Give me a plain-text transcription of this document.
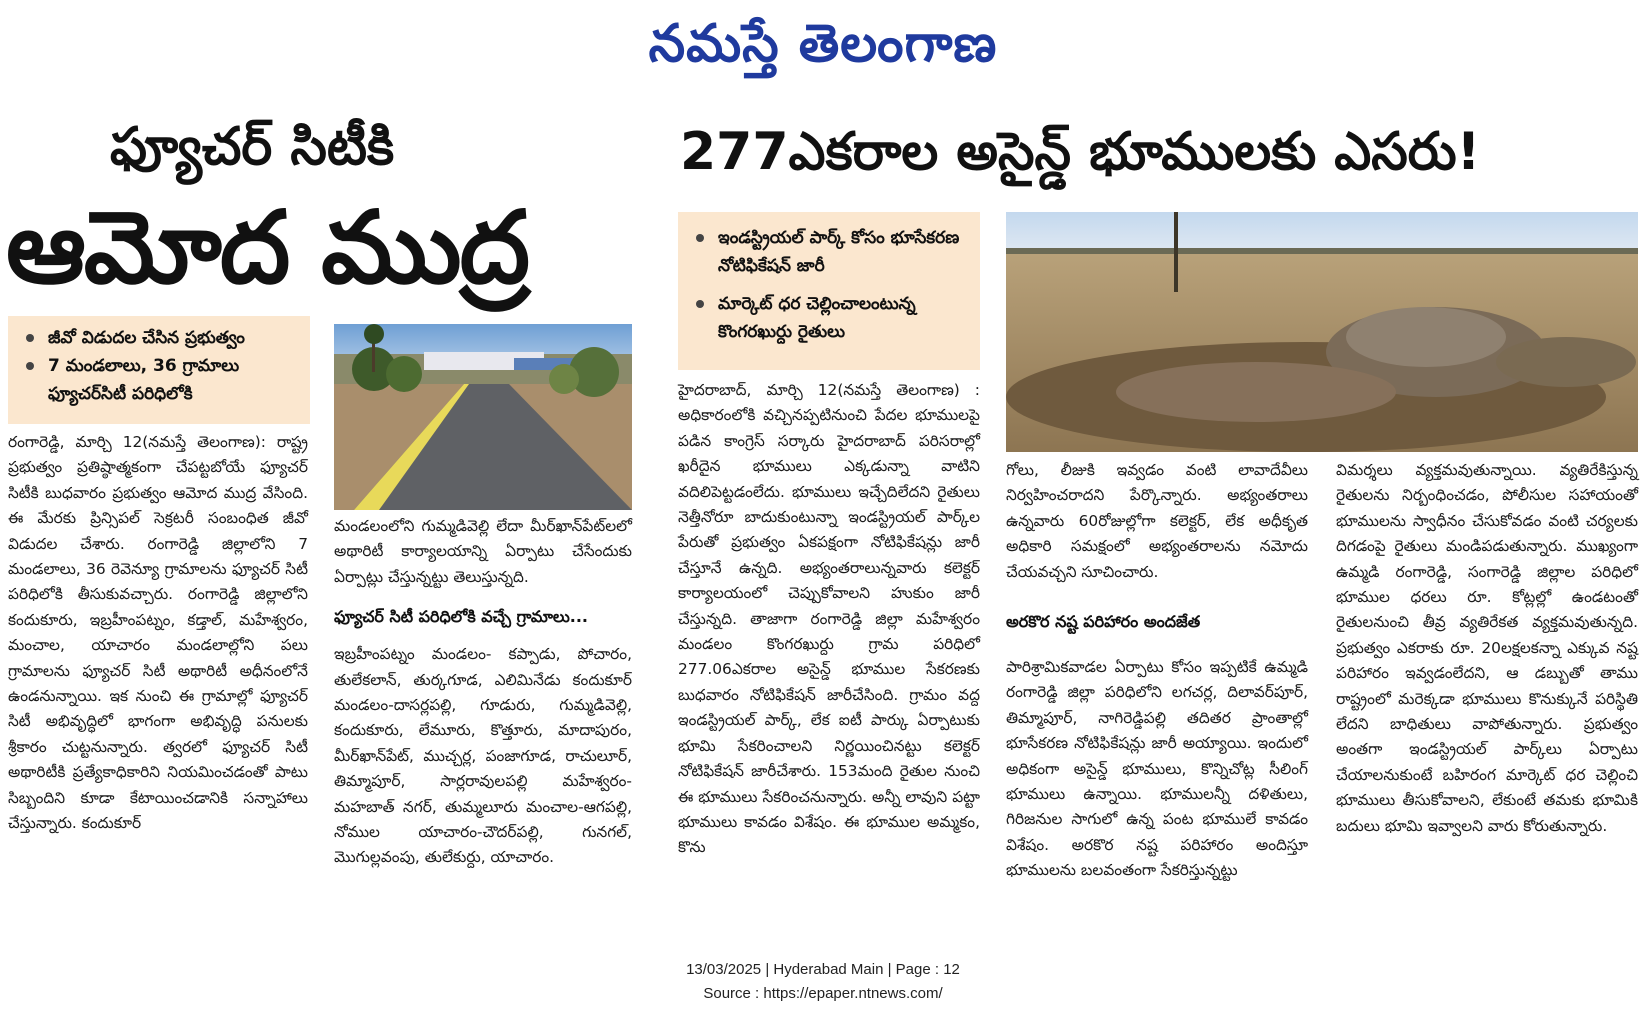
నమస్తే తెలంగాణ
ఫ్యూచర్ సిటీకి
ఆమోద ముద్ర
277ఎకరాల అసైన్డ్ భూములకు ఎసరు!
జీవో విడుదల చేసిన ప్రభుత్వం
7 మండలాలు, 36 గ్రామాలు ఫ్యూచర్‌సిటీ పరిధిలోకి

రంగారెడ్డి, మార్చి 12(నమస్తే తెలంగాణ): రాష్ట్ర ప్రభుత్వం ప్రతిష్ఠాత్మకంగా చేపట్టబోయే ఫ్యూచర్ సిటీకి బుధవారం ప్రభుత్వం ఆమోద ముద్ర వేసింది. ఈ మేరకు ప్రిన్సిపల్ సెక్రటరీ సంబంధిత జీవో విడుదల చేశారు. రంగారెడ్డి జిల్లాలోని 7 మండలాలు, 36 రెవెన్యూ గ్రామాలను ఫ్యూచర్ సిటీ పరిధిలోకి తీసుకువచ్చారు. రంగారెడ్డి జిల్లాలోని కందుకూరు, ఇబ్రహీంపట్నం, కడ్తాల్, మహేశ్వరం, మంచాల, యాచారం మండలాల్లోని పలు గ్రామాలను ఫ్యూచర్ సిటీ అథారిటీ అధీనంలోనే ఉండనున్నాయి. ఇక నుంచి ఈ గ్రామాల్లో ఫ్యూచర్ సిటీ అభివృద్ధిలో భాగంగా అభివృద్ధి పనులకు శ్రీకారం చుట్టనున్నారు. త్వరలో ఫ్యూచర్ సిటీ అథారిటీకి ప్రత్యేకాధికారిని నియమించడంతో పాటు సిబ్బందిని కూడా కేటాయించడానికి సన్నాహాలు చేస్తున్నారు. కందుకూర్

మండలంలోని గుమ్మడివెల్లి లేదా మీర్‌ఖాన్‌పేట్‌లలో అథారిటీ కార్యాలయాన్ని ఏర్పాటు చేసేందుకు ఏర్పాట్లు చేస్తున్నట్టు తెలుస్తున్నది.

ఫ్యూచర్ సిటీ పరిధిలోకి వచ్చే గ్రామాలు...

ఇబ్రహీంపట్నం మండలం- కప్పాడు, పోచారం, తులేకలాన్, తుర్కగూడ, ఎలిమినేడు కందుకూర్ మండలం-దాసర్లపల్లి, గూడురు, గుమ్మడివెల్లి, కందుకూరు, లేమూరు, కొత్తూరు, మాదాపురం, మీర్‌ఖాన్‌పేట్, ముచ్చర్ల, పంజాగూడ, రాచులూర్, తిమ్మాపూర్, సార్లరావులపల్లి మహేశ్వరం- మహబాత్ నగర్, తుమ్మలూరు మంచాల-ఆగపల్లి, నోముల యాచారం-చౌదర్‌పల్లి, గునగల్, మొగుల్లవంపు, తులేకుర్దు, యాచారం.

ఇండస్ట్రియల్ పార్క్ కోసం భూసేకరణ నోటిఫికేషన్ జారీ
మార్కెట్ ధర చెల్లించాలంటున్న కొంగరఖుర్దు రైతులు

హైదరాబాద్, మార్చి 12(నమస్తే తెలంగాణ) : అధికారంలోకి వచ్చినప్పటినుంచి పేదల భూములపై పడిన కాంగ్రెస్ సర్కారు హైదరాబాద్ పరిసరాల్లో ఖరీదైన భూములు ఎక్కడున్నా వాటిని వదిలిపెట్టడంలేదు. భూములు ఇచ్చేదిలేదని రైతులు నెత్తీనోరూ బాదుకుంటున్నా ఇండస్ట్రియల్ పార్క్‌ల పేరుతో ప్రభుత్వం ఏకపక్షంగా నోటిఫికేషన్లు జారీ చేస్తూనే ఉన్నది. అభ్యంతరాలున్నవారు కలెక్టర్ కార్యాలయంలో చెప్పుకోవాలని హుకుం జారీ చేస్తున్నది. తాజాగా రంగారెడ్డి జిల్లా మహేశ్వరం మండలం కొంగరఖుర్దు గ్రామ పరిధిలో 277.06ఎకరాల అసైన్డ్ భూముల సేకరణకు బుధవారం నోటిఫికేషన్ జారీచేసింది. గ్రామం వద్ద ఇండస్ట్రియల్ పార్క్, లేక ఐటీ పార్కు ఏర్పాటుకు భూమి సేకరించాలని నిర్ణయించినట్టు కలెక్టర్ నోటిఫికేషన్ జారీచేశారు. 153మంది రైతుల నుంచి ఈ భూములు సేకరించనున్నారు. అన్నీ లావుని పట్టా భూములు కావడం విశేషం. ఈ భూముల అమ్మకం, కొను

గోలు, లీజుకి ఇవ్వడం వంటి లావాదేవీలు నిర్వహించరాదని పేర్కొన్నారు. అభ్యంతరాలు ఉన్నవారు 60రోజుల్లోగా కలెక్టర్, లేక అధీకృత అధికారి సమక్షంలో అభ్యంతరాలను నమోదు చేయవచ్చని సూచించారు.

అరకొర నష్ట పరిహారం అందజేత

పారిశ్రామికవాడల ఏర్పాటు కోసం ఇప్పటికే ఉమ్మడి రంగారెడ్డి జిల్లా పరిధిలోని లగచర్ల, దిలావర్‌పూర్, తిమ్మాపూర్, నాగిరెడ్డిపల్లి తదితర ప్రాంతాల్లో భూసేకరణ నోటిఫికేషన్లు జారీ అయ్యాయి. ఇందులో అధికంగా అసైన్డ్ భూములు, కొన్నిచోట్ల సీలింగ్ భూములు ఉన్నాయి. భూములన్నీ దళితులు, గిరిజనుల సాగులో ఉన్న పంట భూములే కావడం విశేషం. అరకొర నష్ట పరిహారం అందిస్తూ భూములను బలవంతంగా సేకరిస్తున్నట్టు

విమర్శలు వ్యక్తమవుతున్నాయి. వ్యతిరేకిస్తున్న రైతులను నిర్బంధించడం, పోలీసుల సహాయంతో భూములను స్వాధీనం చేసుకోవడం వంటి చర్యలకు దిగడంపై రైతులు మండిపడుతున్నారు. ముఖ్యంగా ఉమ్మడి రంగారెడ్డి, సంగారెడ్డి జిల్లాల పరిధిలో భూముల ధరలు రూ. కోట్లల్లో ఉండటంతో రైతులనుంచి తీవ్ర వ్యతిరేకత వ్యక్తమవుతున్నది. ప్రభుత్వం ఎకరాకు రూ. 20లక్షలకన్నా ఎక్కువ నష్ట పరిహారం ఇవ్వడంలేదని, ఆ డబ్బుతో తాము రాష్ట్రంలో మరెక్కడా భూములు కొనుక్కునే పరిస్థితి లేదని బాధితులు వాపోతున్నారు. ప్రభుత్వం అంతగా ఇండస్ట్రియల్ పార్క్‌లు ఏర్పాటు చేయాలనుకుంటే బహిరంగ మార్కెట్ ధర చెల్లించి భూములు తీసుకోవాలని, లేకుంటే తమకు భూమికి బదులు భూమి ఇవ్వాలని వారు కోరుతున్నారు.

13/03/2025 | Hyderabad Main | Page : 12
Source : https://epaper.ntnews.com/
